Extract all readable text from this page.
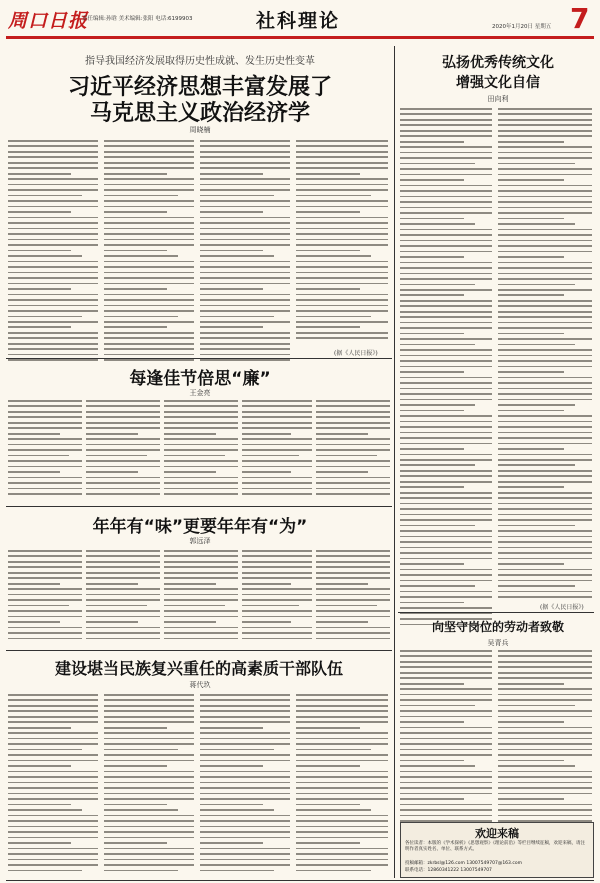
周口日报
责任编辑:孙晗 美术编辑:张阳 电话:6199903	社科理论	2020年1月20日 星期五 7
指导我国经济发展取得历史性成就、发生历史性变革
习近平经济思想丰富发展了
马克思主义政治经济学
周晓楠
(据《人民日报》)
弘扬优秀传统文化
增强文化自信
田向利
(据《人民日报》)
每逢佳节倍思“廉”
王金亮
年年有“味”更要年年有“为”
郭远泽
向坚守岗位的劳动者致敬
吴青兵
建设堪当民族复兴重任的高素质干部队伍
蒋代玖
欢迎来稿
各位读者：本版的《学术探析》《思想观察》《理论前沿》等栏目继续征稿，欢迎来稿，请注明作者真实姓名、单位、联系方式。
投稿邮箱：zkrbsl@126.com 13007549707@163.com
联系电话：12860341222 13007549707
